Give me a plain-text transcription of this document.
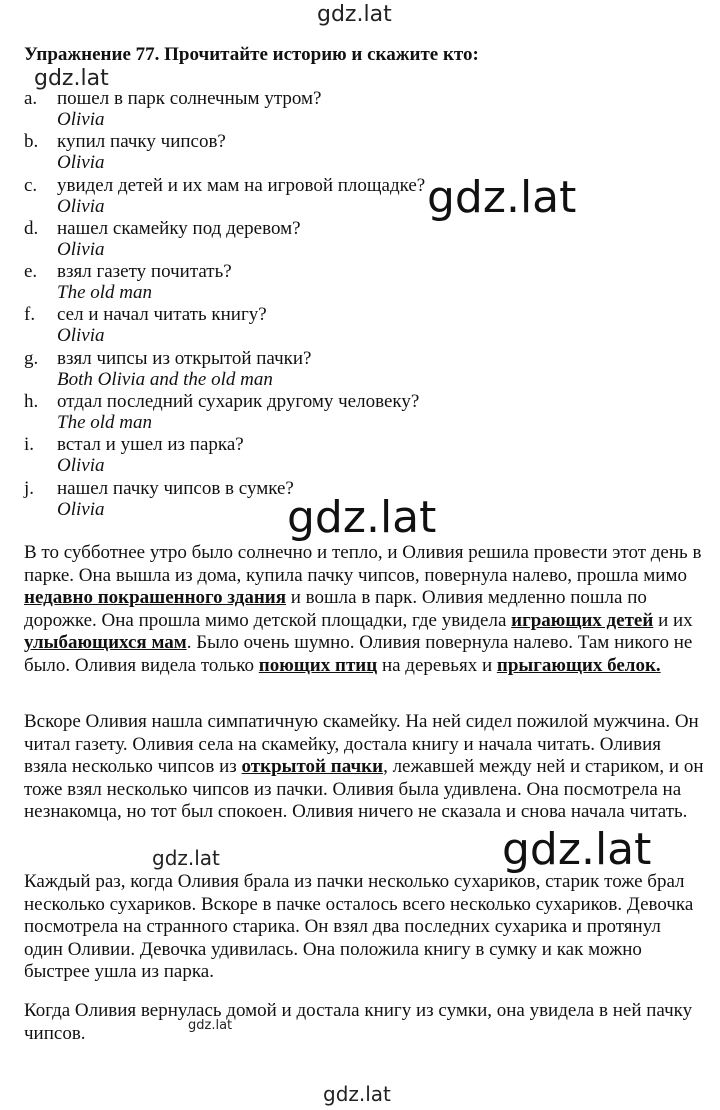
gdz.lat
Упражнение 77. Прочитайте историю и скажите кто:
gdz.lat
a. пошел в парк солнечным утром?
Olivia
b. купил пачку чипсов?
Olivia
c. увидел детей и их мам на игровой площадке?
Olivia
d. нашел скамейку под деревом?
Olivia
e. взял газету почитать?
The old man
f. сел и начал читать книгу?
Olivia
g. взял чипсы из открытой пачки?
Both Olivia and the old man
h. отдал последний сухарик другому человеку?
The old man
i. встал и ушел из парка?
Olivia
j. нашел пачку чипсов в сумке?
Olivia
gdz.lat
gdz.lat

В то субботнее утро было солнечно и тепло, и Оливия решила провести этот день в парке. Она вышла из дома, купила пачку чипсов, повернула налево, прошла мимо недавно покрашенного здания и вошла в парк. Оливия медленно пошла по дорожке. Она прошла мимо детской площадки, где увидела играющих детей и их улыбающихся мам. Было очень шумно. Оливия повернула налево. Там никого не было. Оливия видела только поющих птиц на деревьях и прыгающих белок.

Вскоре Оливия нашла симпатичную скамейку. На ней сидел пожилой мужчина. Он читал газету. Оливия села на скамейку, достала книгу и начала читать. Оливия взяла несколько чипсов из открытой пачки, лежавшей между ней и стариком, и он тоже взял несколько чипсов из пачки. Оливия была удивлена. Она посмотрела на незнакомца, но тот был спокоен. Оливия ничего не сказала и снова начала читать.

gdz.lat
gdz.lat

Каждый раз, когда Оливия брала из пачки несколько сухариков, старик тоже брал несколько сухариков. Вскоре в пачке осталось всего несколько сухариков. Девочка посмотрела на странного старика. Он взял два последних сухарика и протянул один Оливии. Девочка удивилась. Она положила книгу в сумку и как можно быстрее ушла из парка.

Когда Оливия вернулась домой и достала книгу из сумки, она увидела в ней пачку чипсов.	gdz.lat
gdz.lat
